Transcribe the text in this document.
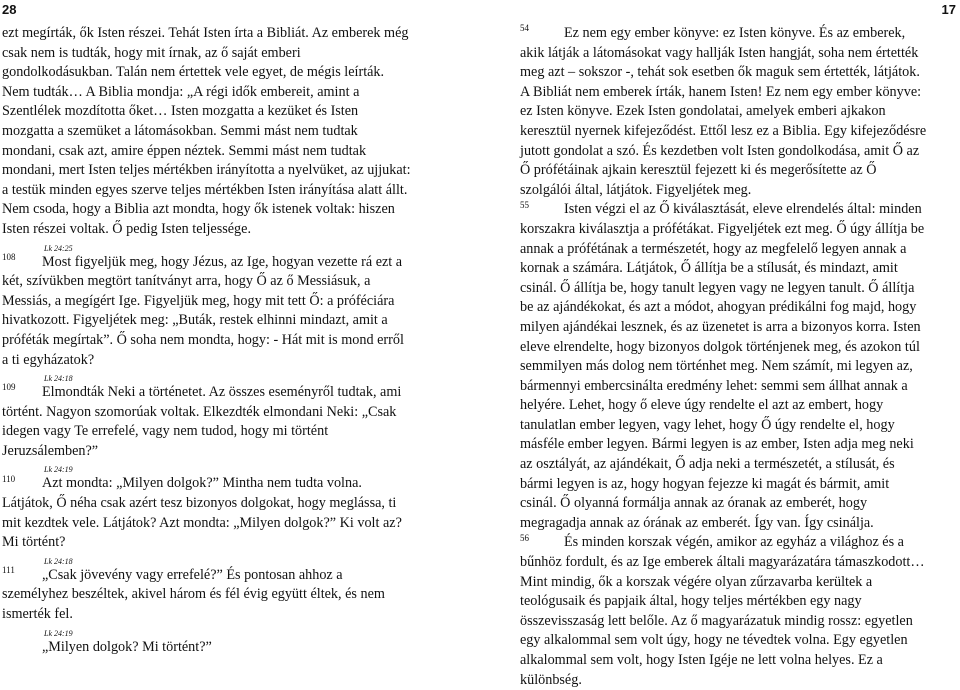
28	17
ezt megírták, ők Isten részei. Tehát Isten írta a Bibliát. Az emberek még
csak nem is tudták, hogy mit írnak, az ő saját emberi
gondolkodásukban. Talán nem értettek vele egyet, de mégis leírták.
Nem tudták… A Biblia mondja: „A régi idők embereit, amint a
Szentlélek mozdította őket… Isten mozgatta a kezüket és Isten
mozgatta a szemüket a látomásokban. Semmi mást nem tudtak
mondani, csak azt, amire éppen néztek. Semmi mást nem tudtak
mondani, mert Isten teljes mértékben irányította a nyelvüket, az ujjukat:
a testük minden egyes szerve teljes mértékben Isten irányítása alatt állt.
Nem csoda, hogy a Biblia azt mondta, hogy ők istenek voltak: hiszen
Isten részei voltak. Ő pedig Isten teljessége.
Lk 24:25
108 Most figyeljük meg, hogy Jézus, az Ige, hogyan vezette rá ezt a
két, szívükben megtört tanítványt arra, hogy Ő az ő Messiásuk, a
Messiás, a megígért Ige. Figyeljük meg, hogy mit tett Ő: a próféciára
hivatkozott. Figyeljétek meg: „Buták, restek elhinni mindazt, amit a
próféták megírtak”. Ő soha nem mondta, hogy: - Hát mit is mond erről
a ti egyházatok?
Lk 24:18
109 Elmondták Neki a történetet. Az összes eseményről tudtak, ami
történt. Nagyon szomorúak voltak. Elkezdték elmondani Neki: „Csak
idegen vagy Te errefelé, vagy nem tudod, hogy mi történt
Jeruzsálemben?”
Lk 24:19
110 Azt mondta: „Milyen dolgok?” Mintha nem tudta volna.
Látjátok, Ő néha csak azért tesz bizonyos dolgokat, hogy meglássa, ti
mit kezdtek vele. Látjátok? Azt mondta: „Milyen dolgok?” Ki volt az?
Mi történt?
Lk 24:18
111 „Csak jövevény vagy errefelé?” És pontosan ahhoz a
személyhez beszéltek, akivel három és fél évig együtt éltek, és nem
ismerték fel.
Lk 24:19
„Milyen dolgok? Mi történt?”
54 Ez nem egy ember könyve: ez Isten könyve. És az emberek,
akik látják a látomásokat vagy hallják Isten hangját, soha nem értették
meg azt – sokszor -, tehát sok esetben ők maguk sem értették, látjátok.
A Bibliát nem emberek írták, hanem Isten! Ez nem egy ember könyve:
ez Isten könyve. Ezek Isten gondolatai, amelyek emberi ajkakon
keresztül nyernek kifejeződést. Ettől lesz ez a Biblia. Egy kifejeződésre
jutott gondolat a szó. És kezdetben volt Isten gondolkodása, amit Ő az
Ő prófétáinak ajkain keresztül fejezett ki és megerősítette az Ő
szolgálói által, látjátok. Figyeljétek meg.
55 Isten végzi el az Ő kiválasztását, eleve elrendelés által: minden
korszakra kiválasztja a prófétákat. Figyeljétek ezt meg. Ő úgy állítja be
annak a prófétának a természetét, hogy az megfelelő legyen annak a
kornak a számára. Látjátok, Ő állítja be a stílusát, és mindazt, amit
csinál. Ő állítja be, hogy tanult legyen vagy ne legyen tanult. Ő állítja
be az ajándékokat, és azt a módot, ahogyan prédikálni fog majd, hogy
milyen ajándékai lesznek, és az üzenetet is arra a bizonyos korra. Isten
eleve elrendelte, hogy bizonyos dolgok történjenek meg, és azokon túl
semmilyen más dolog nem történhet meg. Nem számít, mi legyen az,
bármennyi embercsinálta eredmény lehet: semmi sem állhat annak a
helyére. Lehet, hogy ő eleve úgy rendelte el azt az embert, hogy
tanulatlan ember legyen, vagy lehet, hogy Ő úgy rendelte el, hogy
másféle ember legyen. Bármi legyen is az ember, Isten adja meg neki
az osztályát, az ajándékait, Ő adja neki a természetét, a stílusát, és
bármi legyen is az, hogy hogyan fejezze ki magát és bármit, amit
csinál. Ő olyanná formálja annak az óranak az emberét, hogy
megragadja annak az órának az emberét. Így van. Így csinálja.
56 És minden korszak végén, amikor az egyház a világhoz és a
bűnhöz fordult, és az Ige emberek általi magyarázatára támaszkodott…
Mint mindig, ők a korszak végére olyan zűrzavarba kerültek a
teológusaik és papjaik által, hogy teljes mértékben egy nagy
összevisszaság lett belőle. Az ő magyarázatuk mindig rossz: egyetlen
egy alkalommal sem volt úgy, hogy ne tévedtek volna. Egy egyetlen
alkalommal sem volt, hogy Isten Igéje ne lett volna helyes. Ez a
különbség.
